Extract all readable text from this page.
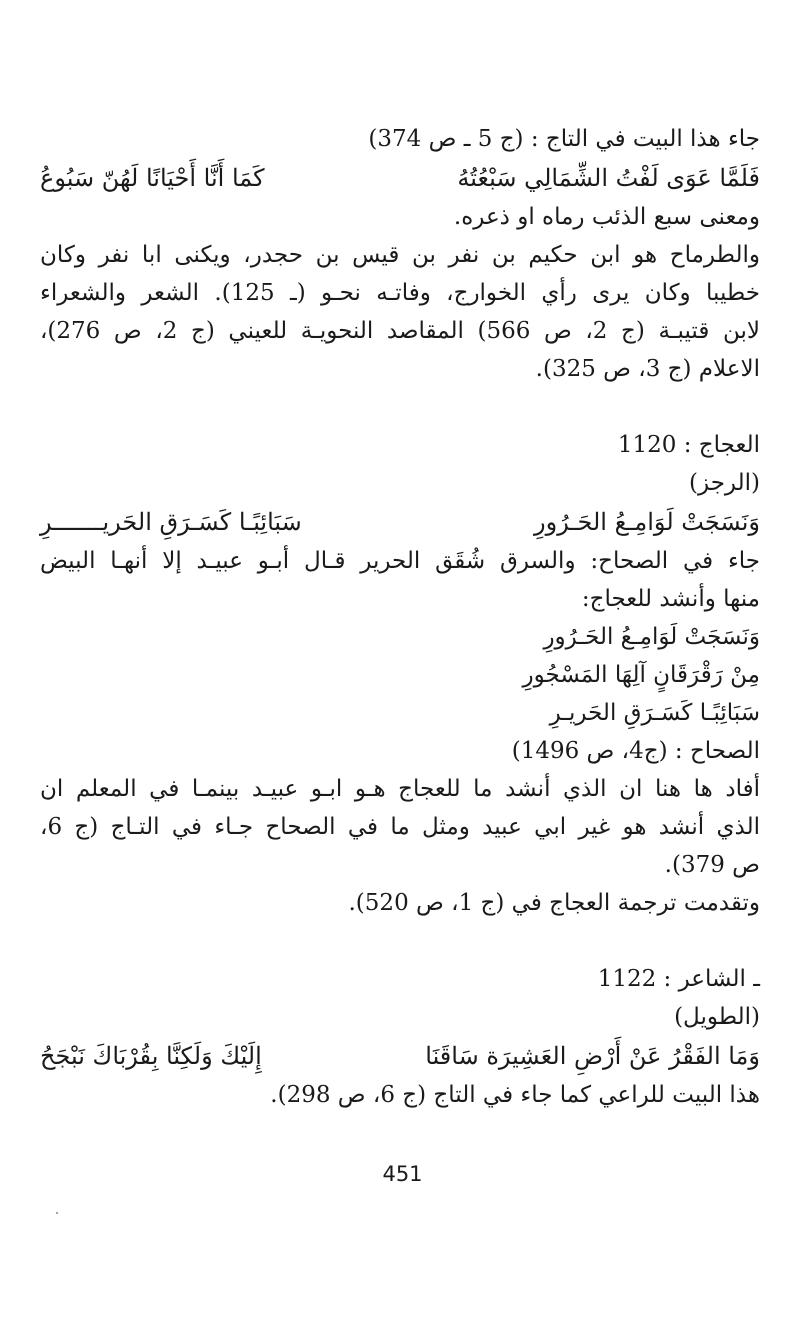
جاء هذا البيت في التاج : (ج 5 ـ ص 374)
فَلَمَّا عَوَى لَفْتُ الشِّمَالِي سَبْعُتُهُ
كَمَا أَنَّا أَحْيَانًا لَهُنّ سَبُوعُ
ومعنى سبع الذئب رماه او ذعره.
والطرماح هو ابن حكيم بن نفر بن قيس بن حجدر، ويكنى ابا نفر وكان
خطيبا وكان يرى رأي الخوارج، وفاتـه نحـو (ـ 125). الشعر والشعراء
لابن قتيبـة (ج 2، ص 566) المقاصد النحويـة للعيني (ج 2، ص 276)،
الاعلام (ج 3، ص 325).
العجاج : 1120
(الرجز)
وَنَسَجَتْ لَوَامِـعُ الحَـرُورِ
سَبَائِبًـا كَسَـرَقِ الحَريـــــــرِ
جاء في الصحاح: والسرق شُقَق الحرير قـال أبـو عبيـد إلا أنهـا البيض
منها وأنشد للعجاج:
وَنَسَجَتْ لَوَامِـعُ الحَـرُورِ
مِنْ رَقْرَقَانٍ آلِهَا المَسْجُورِ
سَبَائِبًـا كَسَـرَقِ الحَريـرِ
الصحاح : (ج4، ص 1496)
أفاد ها هنا ان الذي أنشد ما للعجاج هـو ابـو عبيـد بينمـا في المعلم ان
الذي أنشد هو غير ابي عبيد ومثل ما في الصحاح جـاء في التـاج (ج 6،
ص 379).
وتقدمت ترجمة العجاج في (ج 1، ص 520).
ـ الشاعر : 1122
(الطويل)
وَمَا الفَقْرُ عَنْ أَرْضِ العَشِيرَة سَاقَنَا
إِلَيْكَ وَلَكِنَّا بِقُرْبَاكَ نَبْجَحُ
هذا البيت للراعي كما جاء في التاج (ج 6، ص 298).
451
